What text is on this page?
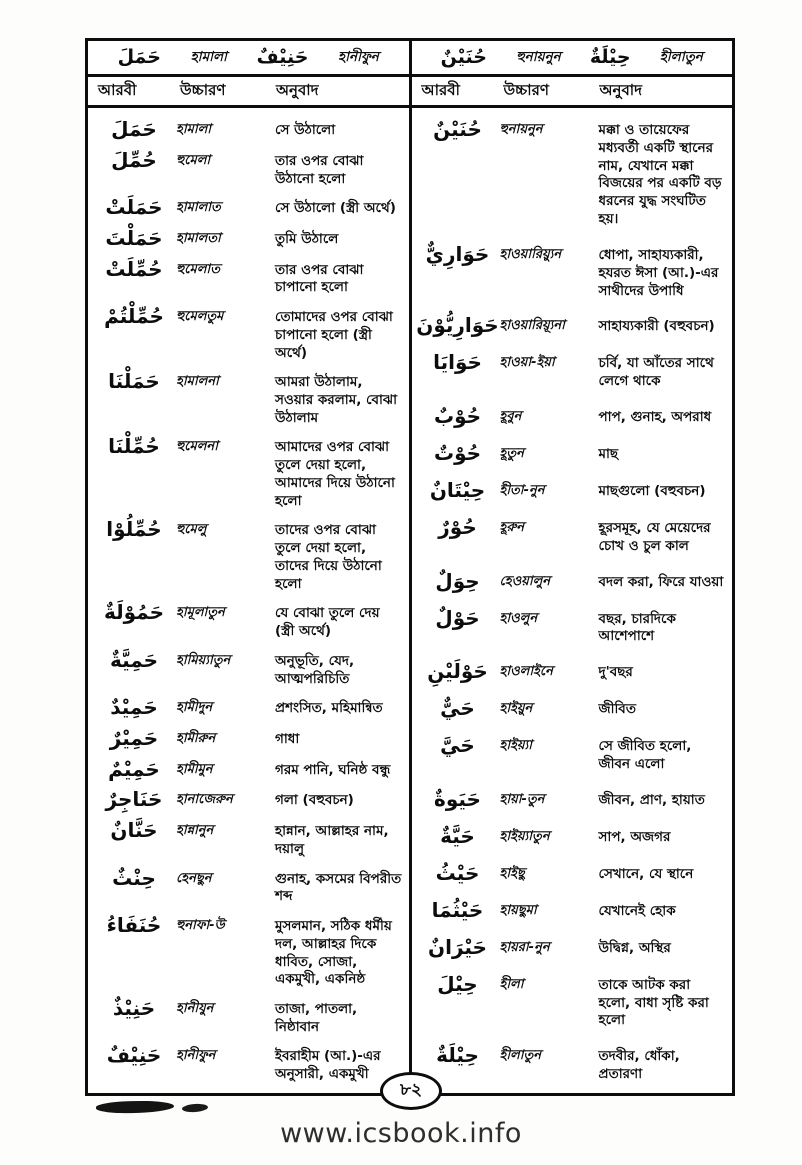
حَمَلَ হামালা حَنِيْفٌ হানীফুন	حُنَيْنٌ হুনায়নুন حِيْلَةٌ হীলাতুন
আরবী	উচ্চারণ	অনুবাদ	আরবী	উচ্চারণ	অনুবাদ
حَمَلَ	হামালা	সে উঠালো
حُمِّلَ	হুমেলা	তার ওপর বোঝা উঠানো হলো
حَمَلَتْ	হামালাত	সে উঠালো (স্ত্রী অর্থে)
حَمَلْتَ	হামালতা	তুমি উঠালে
حُمِّلَتْ	হুমেলাত	তার ওপর বোঝা চাপানো হলো
حُمِّلْتُمْ হুমেলতুম	তোমাদের ওপর বোঝা চাপানো হলো (স্ত্রী অর্থে)
حَمَلْنَا	হামালনা	আমরা উঠালাম, সওয়ার করলাম, বোঝা উঠালাম
حُمِّلْنَا	হুমেলনা	আমাদের ওপর বোঝা তুলে দেয়া হলো, আমাদের দিয়ে উঠানো হলো
حُمِّلُوْا	হুমেলু	তাদের ওপর বোঝা তুলে দেয়া হলো, তাদের দিয়ে উঠানো হলো
حَمُوْلَةٌ হামূলাতুন	যে বোঝা তুলে দেয় (স্ত্রী অর্থে)
حَمِيَّةٌ	হামিয়্যাতুন	অনুভূতি, যেদ, আত্মপরিচিতি
حَمِيْدٌ	হামীদুন	প্রশংসিত, মহিমান্বিত
حَمِيْرٌ	হামীরুন	গাধা
حَمِيْمٌ	হামীমুন	গরম পানি, ঘনিষ্ঠ বন্ধু
حَنَاجِرٌ	হানাজেরুন	গলা (বহুবচন)
حَنَّانٌ	হান্নানুন	হান্নান, আল্লাহর নাম, দয়ালু
حِنْثٌ	হেনছুন	গুনাহ, কসমের বিপরীত শব্দ
حُنَفَاءُ	হুনাফা-উ	মুসলমান, সঠিক ধর্মীয় দল, আল্লাহর দিকে ধাবিত, সোজা, একমুখী, একনিষ্ঠ
حَنِيْذٌ	হানীযুন	তাজা, পাতলা, নিষ্ঠাবান
حَنِيْفٌ	হানীফুন	ইবরাহীম (আ.)-এর অনুসারী, একমুখী
حُنَيْنٌ	হুনায়নুন	মক্কা ও তায়েফের মধ্যবর্তী একটি স্থানের নাম, যেখানে মক্কা বিজয়ের পর একটি বড় ধরনের যুদ্ধ সংঘটিত হয়।
حَوَارِيٌّ হাওয়ারিয়্যুন	ধোপা, সাহায্যকারী, হযরত ঈসা (আ.)-এর সাথীদের উপাধি
حَوَارِيُّوْنَ হাওয়ারিয়্যূনা	সাহায্যকারী (বহুবচন)
حَوَايَا	হাওয়া-ইয়া	চর্বি, যা আঁতের সাথে লেগে থাকে
حُوْبٌ	হূবুন	পাপ, গুনাহ, অপরাধ
حُوْتٌ	হূতুন	মাছ
حِيْتَانٌ	হীতা-নুন	মাছগুলো (বহুবচন)
حُوْرٌ	হূরুন	হূরসমূহ, যে মেয়েদের চোখ ও চুল কাল
حِوَلٌ	হেওয়ালুন	বদল করা, ফিরে যাওয়া
حَوْلٌ	হাওলুন	বছর, চারদিকে আশেপাশে
حَوْلَيْنِ হাওলাইনে	দু'বছর
حَيٌّ	হাইয়ুন	জীবিত
حَيَّ	হাইয়্যা	সে জীবিত হলো, জীবন এলো
حَيَوةٌ	হায়া-তুন	জীবন, প্রাণ, হায়াত
حَيَّةٌ	হাইয়্যাতুন	সাপ, অজগর
حَيْثُ	হাইছু	সেখানে, যে স্থানে
حَيْثُمَا	হায়ছুমা	যেখানেই হোক
حَيْرَانٌ হায়রা-নুন	উদ্বিগ্ন, অস্থির
حِيْلَ	হীলা	তাকে আটক করা হলো, বাধা সৃষ্টি করা হলো
حِيْلَةٌ	হীলাতুন	তদবীর, ধোঁকা, প্রতারণা
৮২
www.icsbook.info
